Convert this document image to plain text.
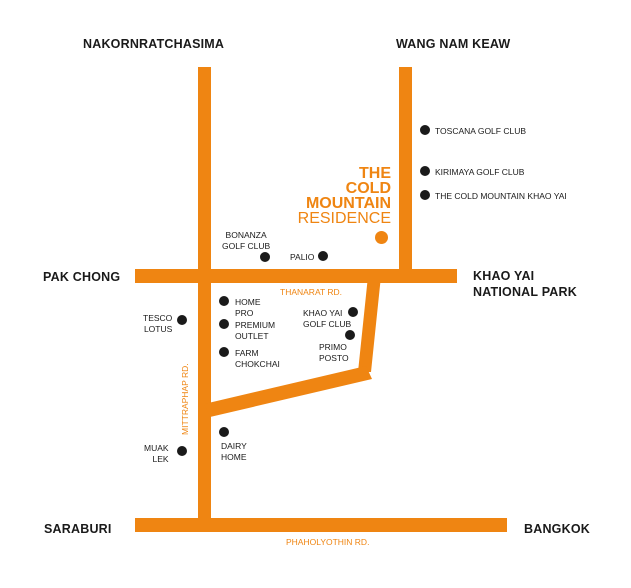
NAKORNRATCHASIMA	WANG NAM KEAW
PAK CHONG	KHAO YAI
NATIONAL PARK
SARABURI	BANGKOK
THANARAT RD.
PHAHOLYOTHIN RD.
MITTRAPHAP RD.
THE
COLD
MOUNTAIN
RESIDENCE
TOSCANA GOLF CLUB
KIRIMAYA GOLF CLUB
THE COLD MOUNTAIN KHAO YAI
BONANZA
GOLF CLUB
PALIO
HOME
PRO
PREMIUM
OUTLET
FARM
CHOKCHAI
KHAO YAI
GOLF CLUB
PRIMO
POSTO
TESCO
LOTUS
MUAK
LEK
DAIRY
HOME
